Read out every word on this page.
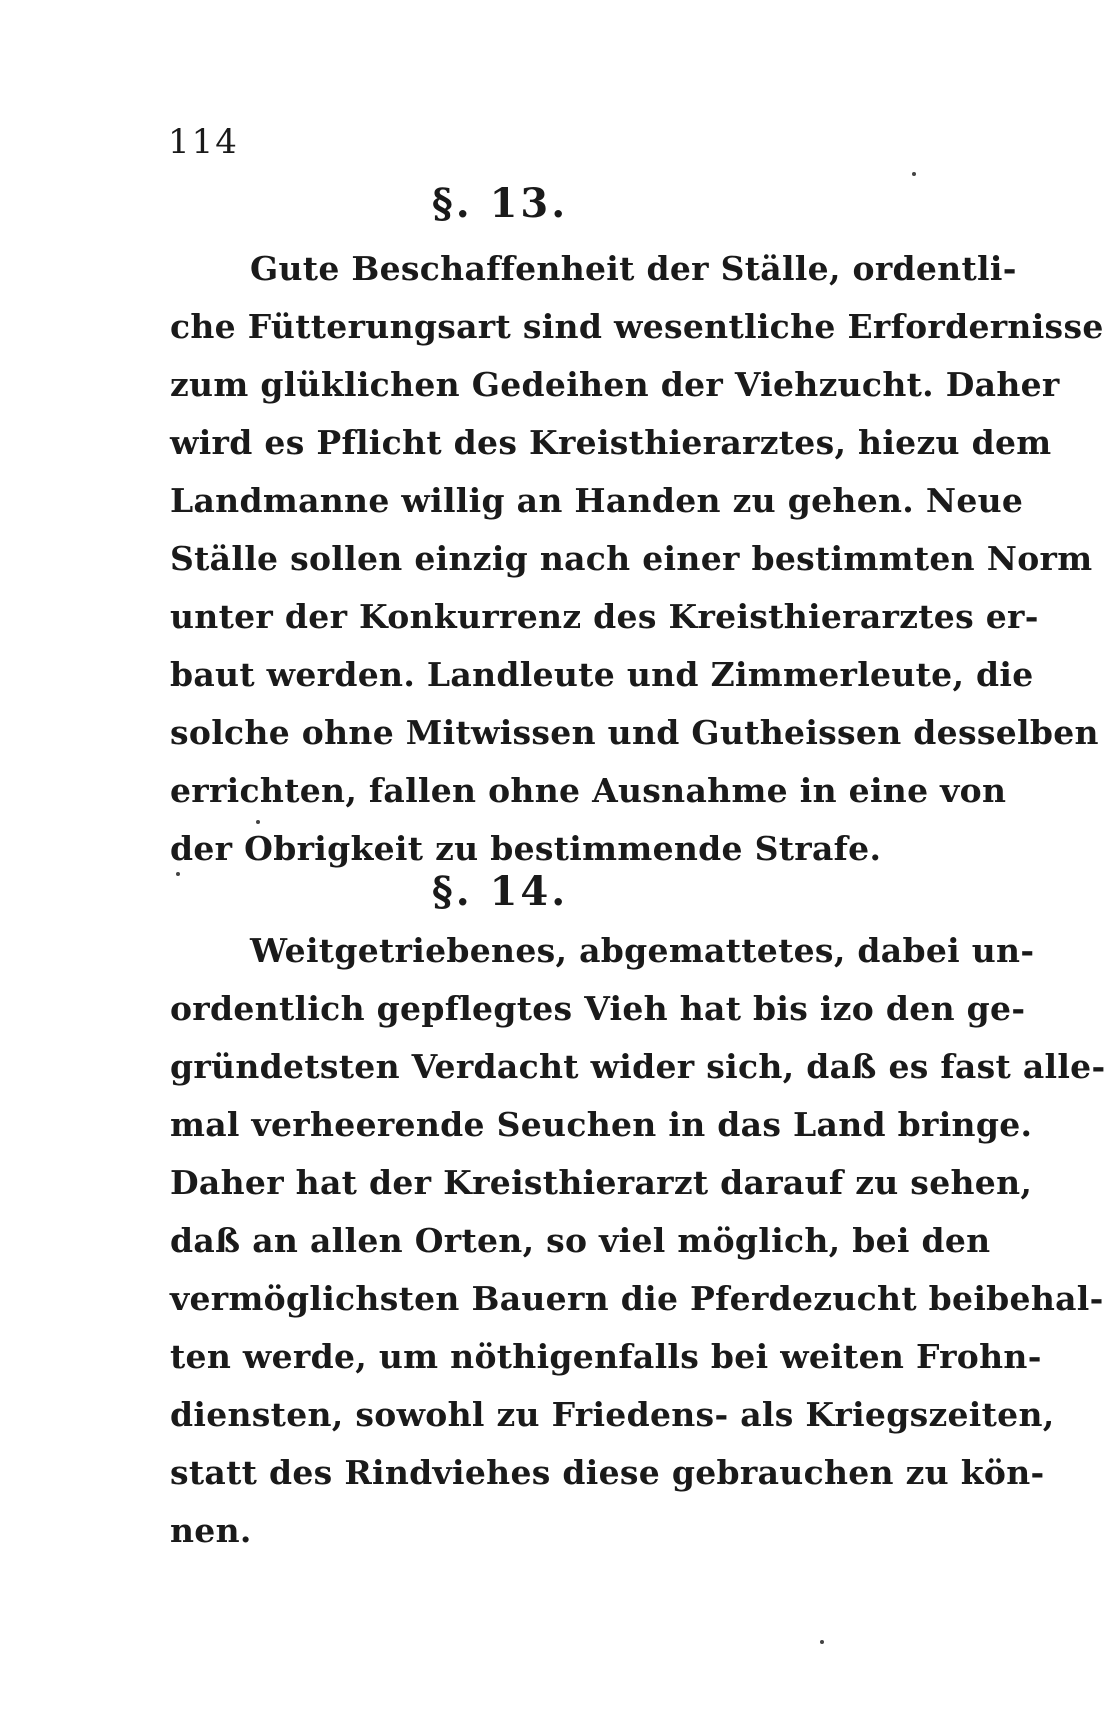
114
§. 13.
Gute Beschaffenheit der Ställe, ordentli-
che Fütterungsart sind wesentliche Erfordernisse
zum glüklichen Gedeihen der Viehzucht. Daher
wird es Pflicht des Kreisthierarztes, hiezu dem
Landmanne willig an Handen zu gehen. Neue
Ställe sollen einzig nach einer bestimmten Norm
unter der Konkurrenz des Kreisthierarztes er-
baut werden. Landleute und Zimmerleute, die
solche ohne Mitwissen und Gutheissen desselben
errichten, fallen ohne Ausnahme in eine von
der Obrigkeit zu bestimmende Strafe.
§. 14.
Weitgetriebenes, abgemattetes, dabei un-
ordentlich gepflegtes Vieh hat bis izo den ge-
gründetsten Verdacht wider sich, daß es fast alle-
mal verheerende Seuchen in das Land bringe.
Daher hat der Kreisthierarzt darauf zu sehen,
daß an allen Orten, so viel möglich, bei den
vermöglichsten Bauern die Pferdezucht beibehal-
ten werde, um nöthigenfalls bei weiten Frohn-
diensten, sowohl zu Friedens- als Kriegszeiten,
statt des Rindviehes diese gebrauchen zu kön-
nen.
